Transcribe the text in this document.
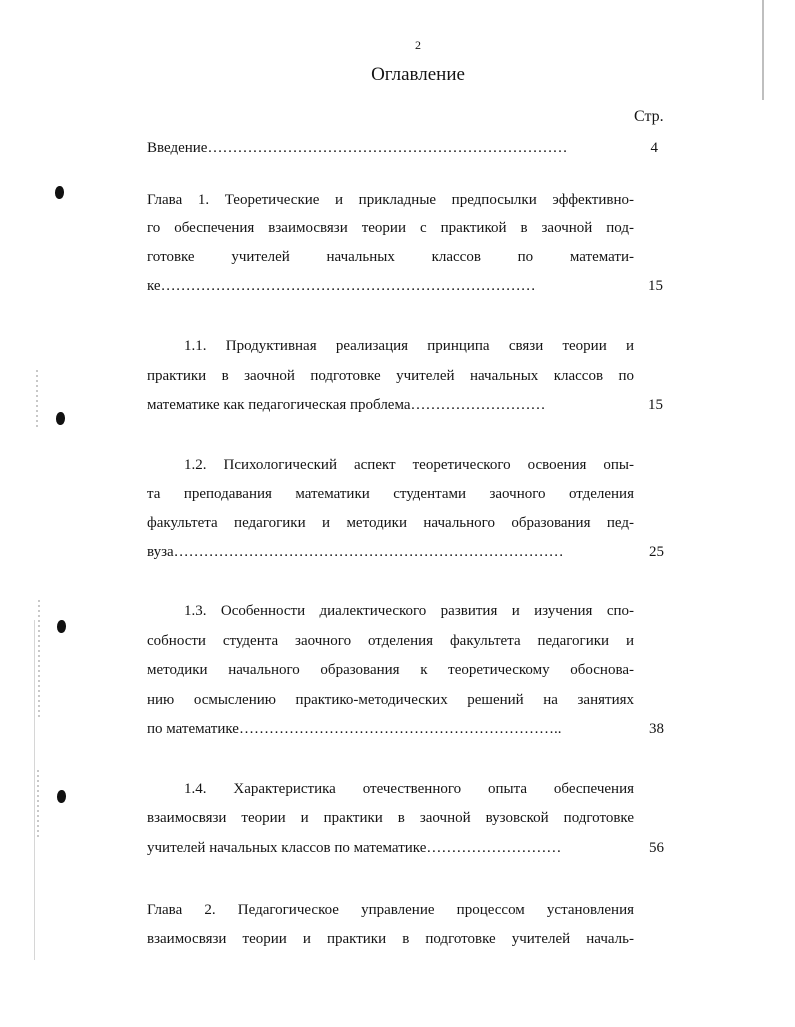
2
Оглавление
Стр.
Введение………………………………………………………………	4
Глава 1. Теоретические и прикладные предпосылки эффективно-
го обеспечения взаимосвязи теории с практикой в заочной под-
готовке учителей начальных классов по математи-
ке…………………………………………………………………	15
1.1. Продуктивная реализация принципа связи теории и
практики в заочной подготовке учителей начальных классов по
математике как педагогическая проблема………………………	15
1.2. Психологический аспект теоретического освоения опы-
та преподавания математики студентами заочного отделения
факультета педагогики и методики начального образования пед-
вуза……………………………………………………………………	25
1.3. Особенности диалектического развития и изучения спо-
собности студента заочного отделения факультета педагогики и
методики начального образования к теоретическому обоснова-
нию осмыслению практико-методических решений на занятиях
по математике………………………………………………………..	38
1.4. Характеристика отечественного опыта обеспечения
взаимосвязи теории и практики в заочной вузовской подготовке
учителей начальных классов по математике………………………	56
Глава 2. Педагогическое управление процессом установления
взаимосвязи теории и практики в подготовке учителей началь-
